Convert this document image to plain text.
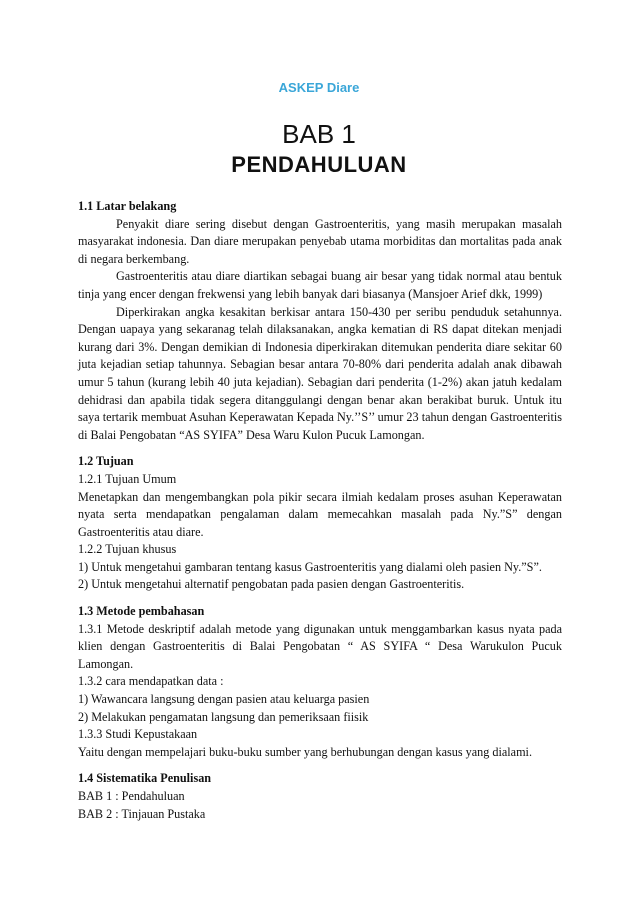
ASKEP Diare
BAB 1
PENDAHULUAN

1.1 Latar belakang

Penyakit diare sering disebut dengan Gastroenteritis, yang masih merupakan masalah masyarakat indonesia. Dan diare merupakan penyebab utama morbiditas dan mortalitas pada anak di negara berkembang.

Gastroenteritis atau diare diartikan sebagai buang air besar yang tidak normal atau bentuk tinja yang encer dengan frekwensi yang lebih banyak dari biasanya (Mansjoer Arief dkk, 1999)

Diperkirakan angka kesakitan berkisar antara 150-430 per seribu penduduk setahunnya. Dengan uapaya yang sekaranag telah dilaksanakan, angka kematian di RS dapat ditekan menjadi kurang dari 3%. Dengan demikian di Indonesia diperkirakan ditemukan penderita diare sekitar 60 juta kejadian setiap tahunnya. Sebagian besar antara 70-80% dari penderita adalah anak dibawah umur 5 tahun (kurang lebih 40 juta kejadian). Sebagian dari penderita (1-2%) akan jatuh kedalam dehidrasi dan apabila tidak segera ditanggulangi dengan benar akan berakibat buruk. Untuk itu saya tertarik membuat Asuhan Keperawatan Kepada Ny.’’S’’ umur 23 tahun dengan Gastroenteritis di Balai Pengobatan “AS SYIFA” Desa Waru Kulon Pucuk Lamongan.

1.2 Tujuan

1.2.1 Tujuan Umum

Menetapkan dan mengembangkan pola pikir secara ilmiah kedalam proses asuhan Keperawatan nyata serta mendapatkan pengalaman dalam memecahkan masalah pada Ny.”S” dengan Gastroenteritis atau diare.

1.2.2 Tujuan khusus

1) Untuk mengetahui gambaran tentang kasus Gastroenteritis yang dialami oleh pasien Ny.”S”.

2) Untuk mengetahui alternatif pengobatan pada pasien dengan Gastroenteritis.

1.3 Metode pembahasan

1.3.1 Metode deskriptif adalah metode yang digunakan untuk menggambarkan kasus nyata pada klien dengan Gastroenteritis di Balai Pengobatan “ AS SYIFA “ Desa Warukulon Pucuk Lamongan.

1.3.2 cara mendapatkan data :

1) Wawancara langsung dengan pasien atau keluarga pasien

2) Melakukan pengamatan langsung dan pemeriksaan fiisik

1.3.3 Studi Kepustakaan

Yaitu dengan mempelajari buku-buku sumber yang berhubungan dengan kasus yang dialami.

1.4 Sistematika Penulisan

BAB 1 : Pendahuluan

BAB 2 : Tinjauan Pustaka
